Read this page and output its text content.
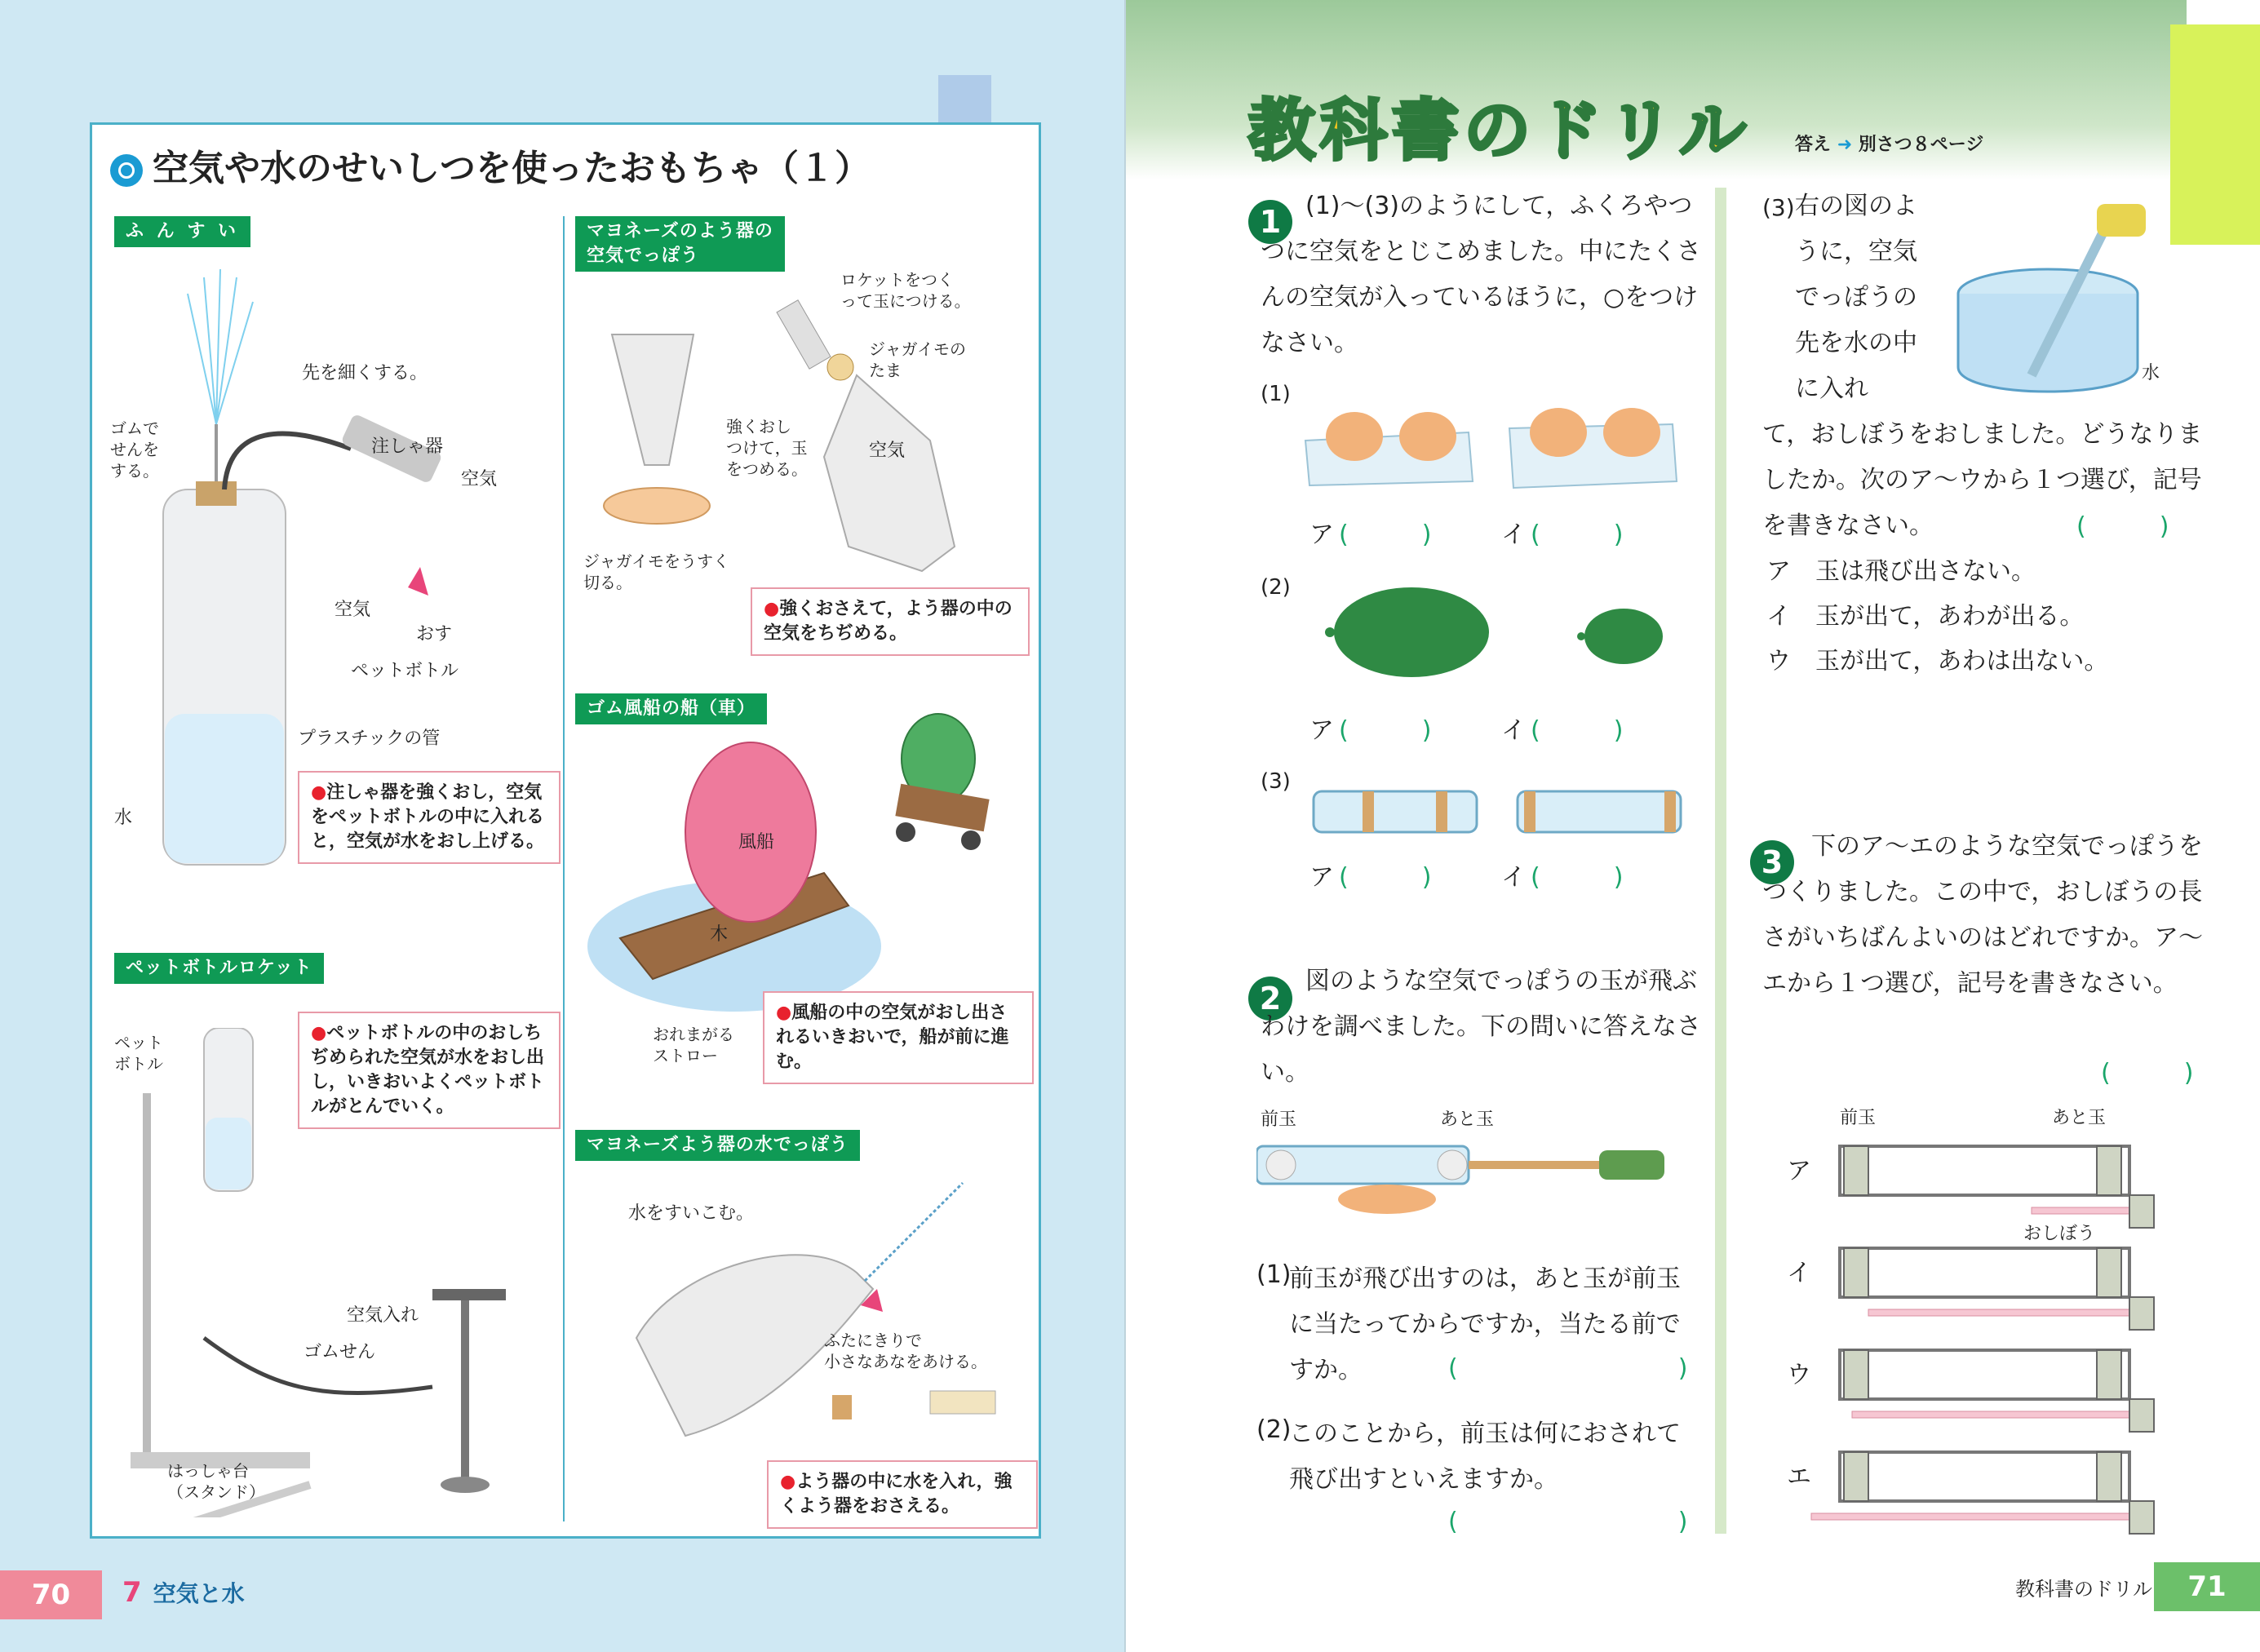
空気や水のせいしつを使ったおもちゃ（１）
ふ ん す い
先を細くする。
ゴムで
せんを
する。
注しゃ器
空気
おす
空気
ペットボトル
プラスチックの管
水
●注しゃ器を強くおし，空気をペットボトルの中に入れると，空気が水をおし上げる。
マヨネーズのよう器の
空気でっぽう
ロケットをつく
って玉につける。
ジャガイモの
たま
強くおし
つけて，玉
をつめる。
空気
ジャガイモをうすく
切る。
●強くおさえて，よう器の中の空気をちぢめる。
ゴム風船の船（車）
風船
木
おれまがる
ストロー
●風船の中の空気がおし出されるいきおいで，船が前に進む。
ペットボトルロケット
ペット
ボトル
●ペットボトルの中のおしちぢめられた空気が水をおし出し，いきおいよくペットボトルがとんでいく。
空気入れ
ゴムせん
はっしゃ台
（スタンド）
マヨネーズよう器の水でっぽう
水をすいこむ。
ふたにきりで
小さなあなをあける。
●よう器の中に水を入れ，強くよう器をおさえる。
70	7 空気と水
教科書のドリル 答え ➜ 別さつ８ページ
1 (1)～(3)のようにして，ふくろやつつに空気をとじこめました。中にたくさんの空気が入っているほうに，○をつけなさい。
(1)
ア (　　　)	イ (　　　)
(2)
ア (　　　)	イ (　　　)
(3)
ア (　　　)	イ (　　　)
2 図のような空気でっぽうの玉が飛ぶわけを調べました。下の問いに答えなさい。
前玉	あと玉
(1)
前玉が飛び出すのは，あと玉が前玉に当たってからですか，当たる前ですか。	(　　　　　　　　　)
(2)
このことから，前玉は何におされて飛び出すといえますか。
(　　　　　　　　　)
(3) 右の図のように，空気でっぽうの先を水の中に入れ
水
て，おしぼうをおしました。どうなりましたか。次のア～ウから１つ選び，記号を書きなさい。	(　　　)
ア　 玉は飛び出さない。
イ　 玉が出て，あわが出る。
ウ　 玉が出て，あわは出ない。
3	下のア～エのような空気でっぽうをつくりました。この中で，おしぼうの長さがいちばんよいのはどれですか。ア～エから１つ選び，記号を書きなさい。
(　　　)
前玉	あと玉
おしぼう
ア
イ
ウ
エ
教科書のドリル	71
